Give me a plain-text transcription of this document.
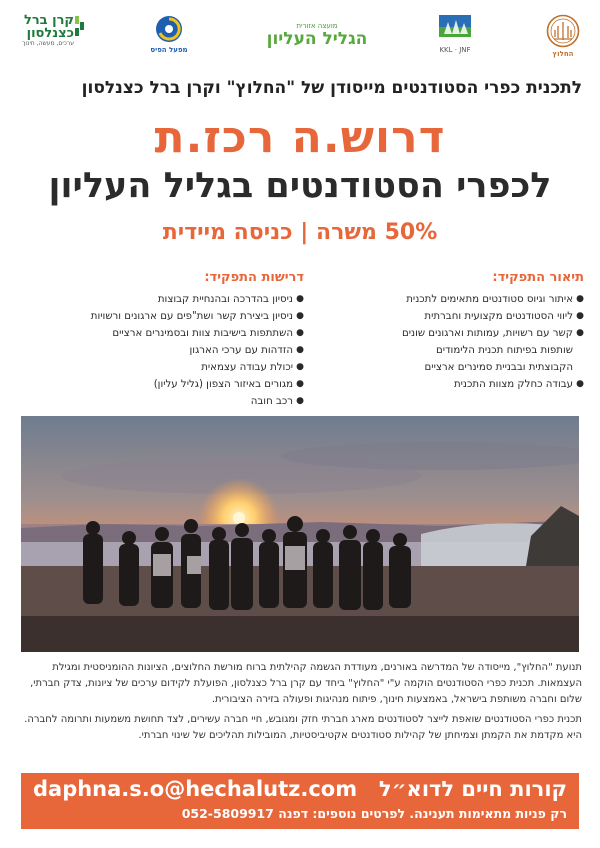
החלוץ
KKL · JNF
מועצה אזורית
הגליל העליון
מפעל הפיס
קרן ברל כצנלסון
ערכים, מעשה, חינוך
לתכנית כפרי הסטודנטים מייסודן של "החלוץ" וקרן ברל כצנלסון
דרוש.ה רכז.ת
לכפרי הסטודנטים בגליל העליון
50% משרה | כניסה מיידית
תיאור התפקיד:
●
איתור וגיוס סטודנטים מתאימים לתכנית
●
ליווי הסטודנטים מקצועית וחברתית
●
קשר עם רשויות, עמותות וארגונים שונים
שותפות בפיתוח תכנית הלימודים
הקבוצתית ובבניית סמינרים ארציים
●
עבודה כחלק מצוות התכנית
דרישות התפקיד:
●
ניסיון בהדרכה ובהנחיית קבוצות
●
ניסיון ביצירת קשר ושת"פים עם ארגונים ורשויות
●
השתתפות בישיבות צוות ובסמינרים ארציים
●
הזדהות עם ערכי הארגון
●
יכולת עבודה עצמאית
●
מגורים באיזור הצפון (גליל עליון)
●
רכב חובה
תנועת "החלוץ", מייסודה של המדרשה באורנים, מעודדת הגשמה קהילתית ברוח מורשת החלוצים, הציונות ההומניסטית ומגילת העצמאות. תכנית כפרי הסטודנטים הוקמה ע"י "החלוץ" ביחד עם קרן ברל כצנלסון, הפועלת לקידום ערכים של ציונות, צדק חברתי, שלום וחברה משותפת בישראל, באמצעות חינוך, פיתוח מנהיגות ופעולה בזירה הציבורית.
תכנית כפרי הסטודנטים שואפת לייצר לסטודנטים מארג חברתי חזק ומגובש, חיי חברה עשירים, לצד תחושת משמעות ותרומה לחברה. היא מקדמת את הקמתן וצמיחתן של קהילות סטודנטים אקטיביסטיות, המובילות תהליכים של שינוי חברתי.
daphna.s.o@hechalutz.com קורות חיים לדוא״ל
רק פניות מתאימות תענינה. לפרטים נוספים: דפנה 052-5809917
